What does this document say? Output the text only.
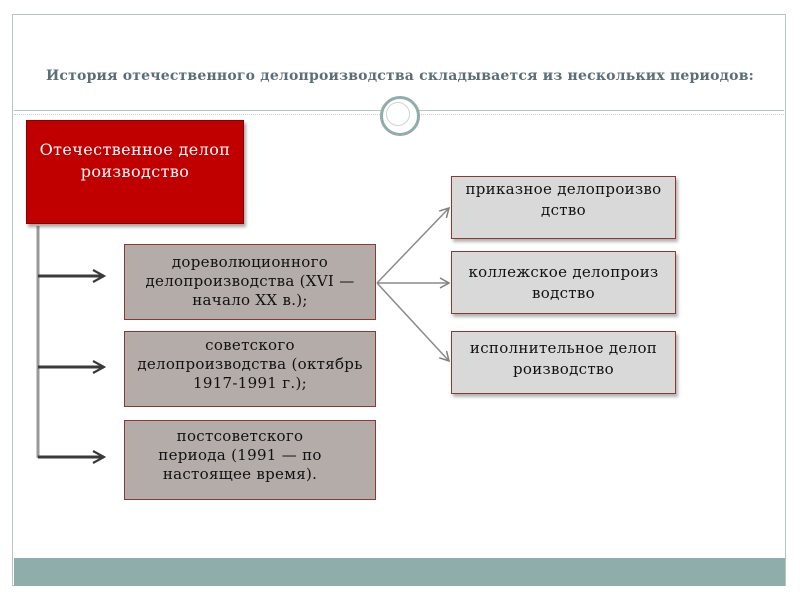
История отечественного делопроизводства складывается из нескольких периодов:
Отечественное делопроизводство
дореволюционного делопроизводства (XVI — начало XX в.);
советского делопроизводства (октябрь 1917-1991 г.);
постсоветского периода (1991 — по настоящее время).
приказное делопроизводство
коллежское делопроизводство
исполнительное делопроизводство
